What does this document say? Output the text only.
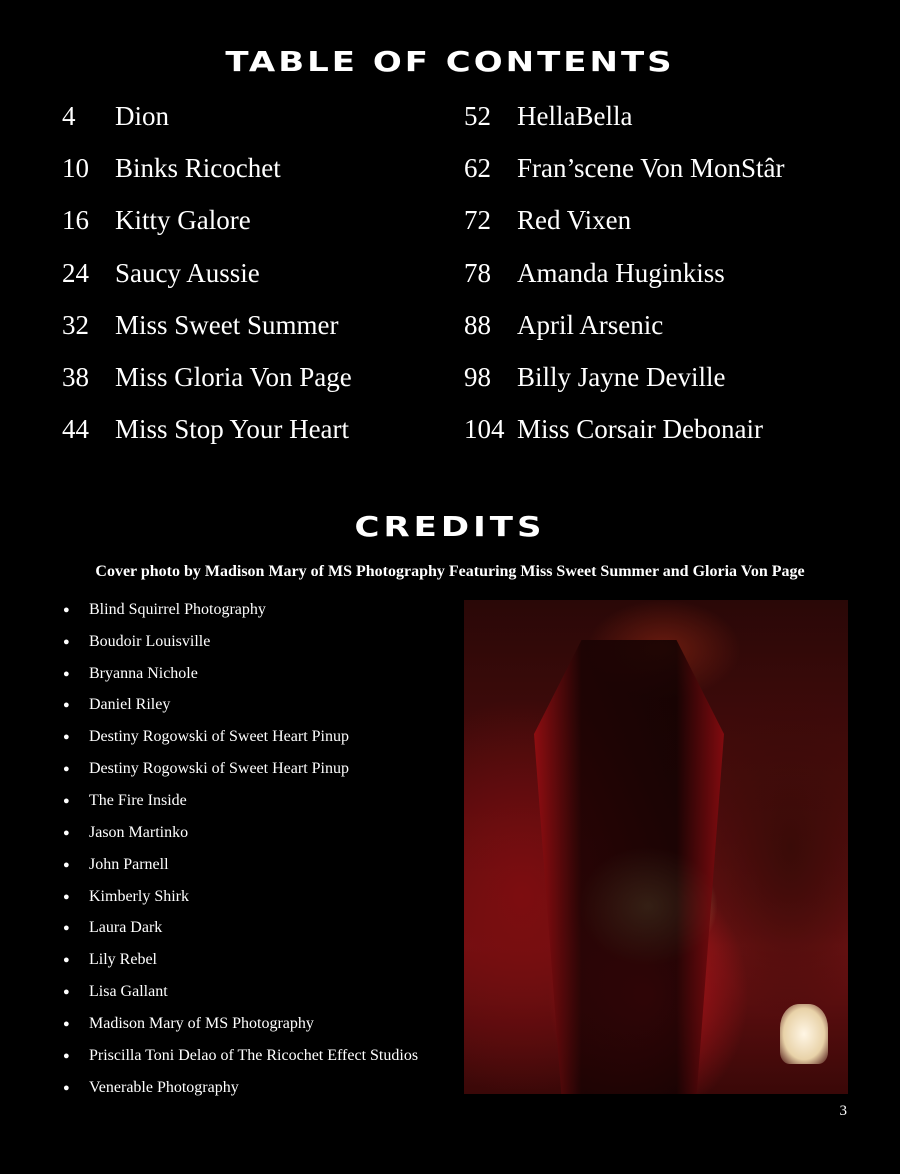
TABLE OF CONTENTS
4	Dion
10 Binks Ricochet
16 Kitty Galore
24 Saucy Aussie
32 Miss Sweet Summer
38 Miss Gloria Von Page
44 Miss Stop Your Heart
52 HellaBella
62 Fran’scene Von MonStâr
72 Red Vixen
78 Amanda Huginkiss
88 April Arsenic
98 Billy Jayne Deville
104 Miss Corsair Debonair
CREDITS
Cover photo by Madison Mary of MS Photography Featuring Miss Sweet Summer and Gloria Von Page
●	Blind Squirrel Photography
●	Boudoir Louisville
●	Bryanna Nichole
●	Daniel Riley
●	Destiny Rogowski of Sweet Heart Pinup
●	Destiny Rogowski of Sweet Heart Pinup
●	The Fire Inside
●	Jason Martinko
●	John Parnell
●	Kimberly Shirk
●	Laura Dark
●	Lily Rebel
●	Lisa Gallant
●	Madison Mary of MS Photography
●	Priscilla Toni Delao of The Ricochet Effect Studios
●	Venerable Photography
3
